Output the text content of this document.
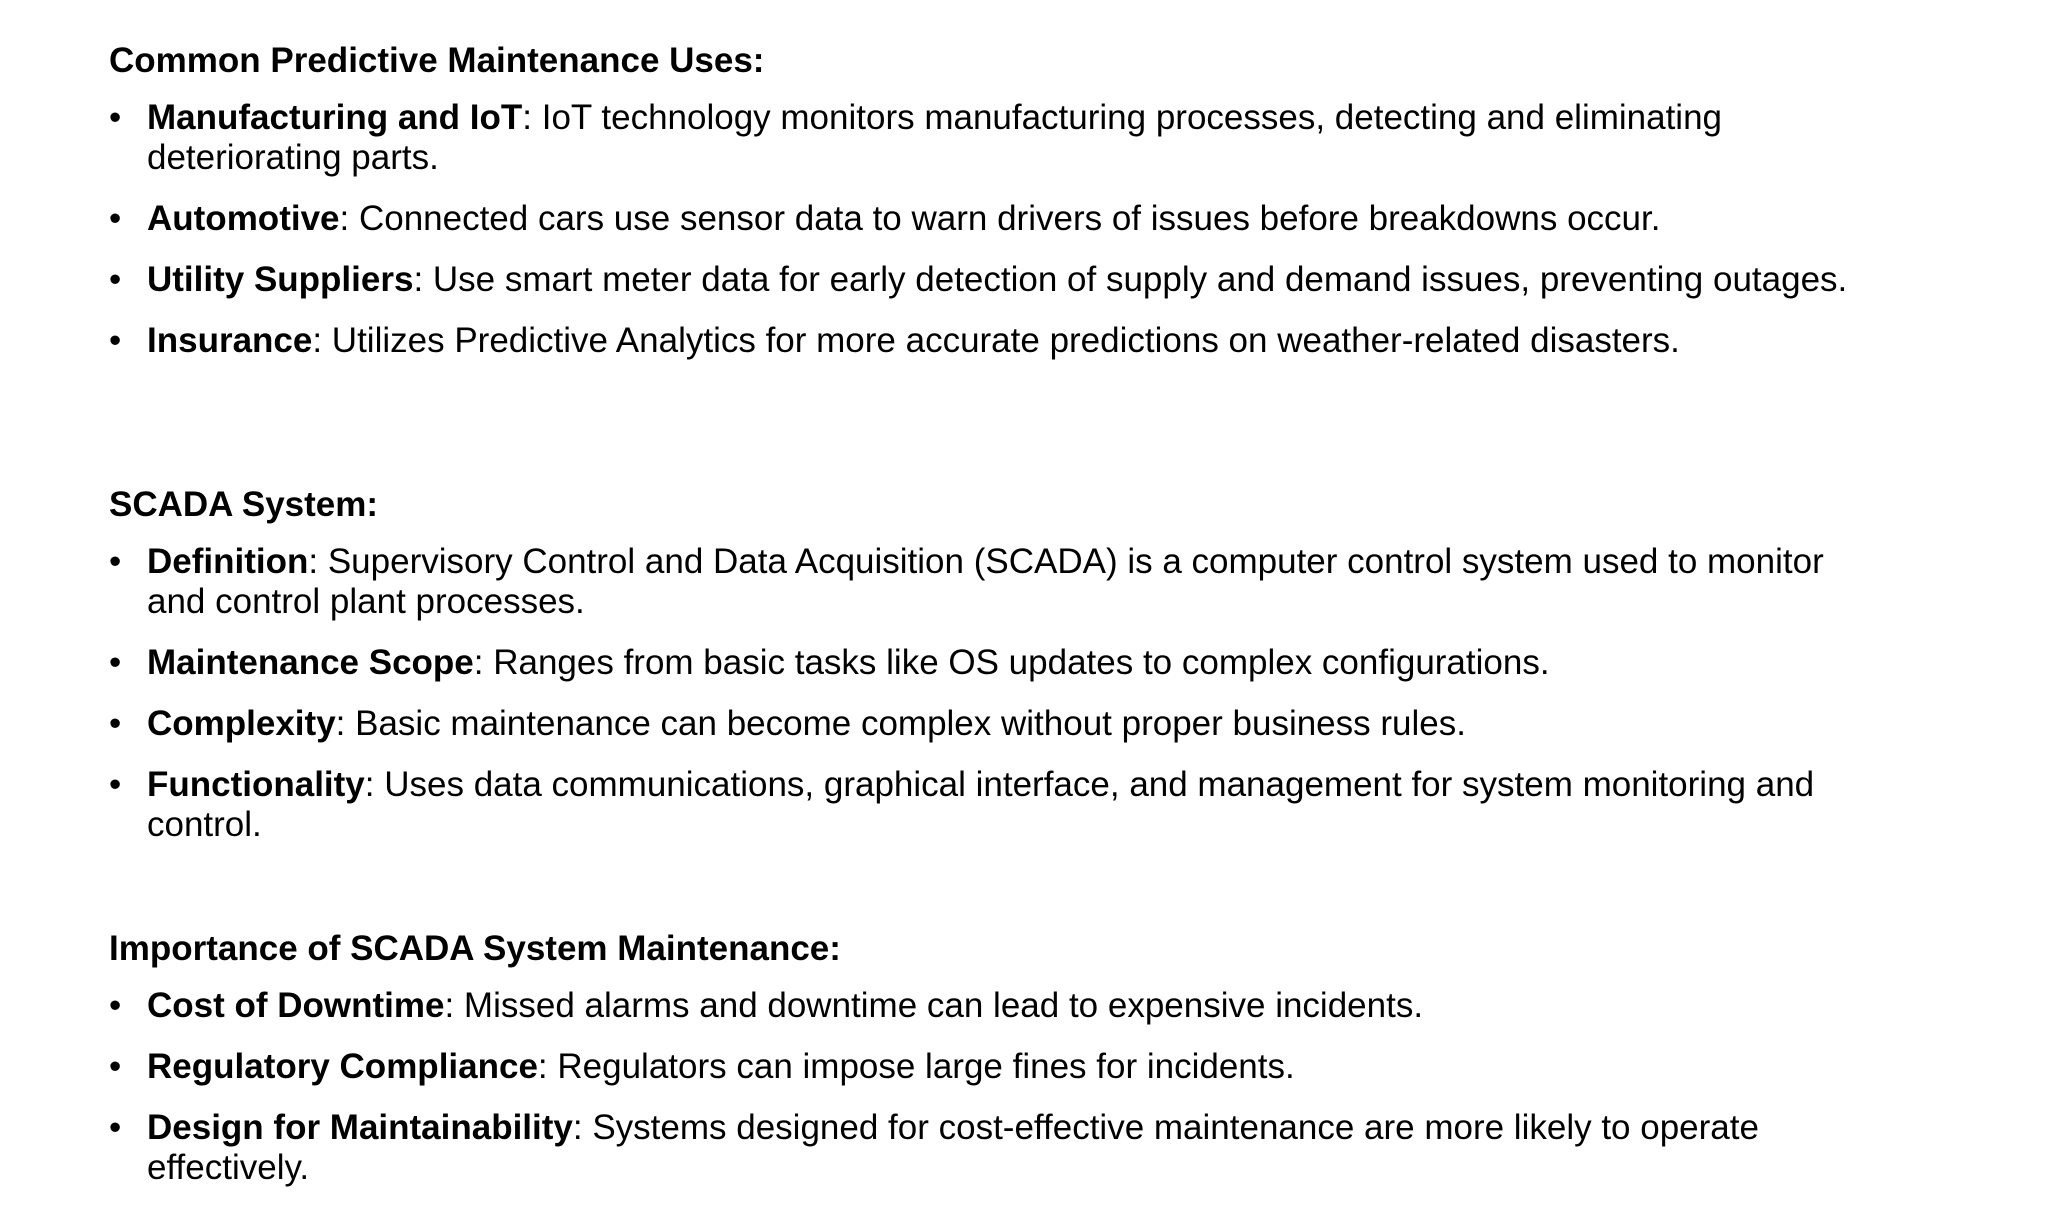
Common Predictive Maintenance Uses:
• Manufacturing and IoT: IoT technology monitors manufacturing processes, detecting and eliminating deteriorating parts.
• Automotive: Connected cars use sensor data to warn drivers of issues before breakdowns occur.
• Utility Suppliers: Use smart meter data for early detection of supply and demand issues, preventing outages.
• Insurance: Utilizes Predictive Analytics for more accurate predictions on weather-related disasters.
SCADA System:
• Definition: Supervisory Control and Data Acquisition (SCADA) is a computer control system used to monitor and control plant processes.
• Maintenance Scope: Ranges from basic tasks like OS updates to complex configurations.
• Complexity: Basic maintenance can become complex without proper business rules.
• Functionality: Uses data communications, graphical interface, and management for system monitoring and control.
Importance of SCADA System Maintenance:
• Cost of Downtime: Missed alarms and downtime can lead to expensive incidents.
• Regulatory Compliance: Regulators can impose large fines for incidents.
• Design for Maintainability: Systems designed for cost-effective maintenance are more likely to operate effectively.
